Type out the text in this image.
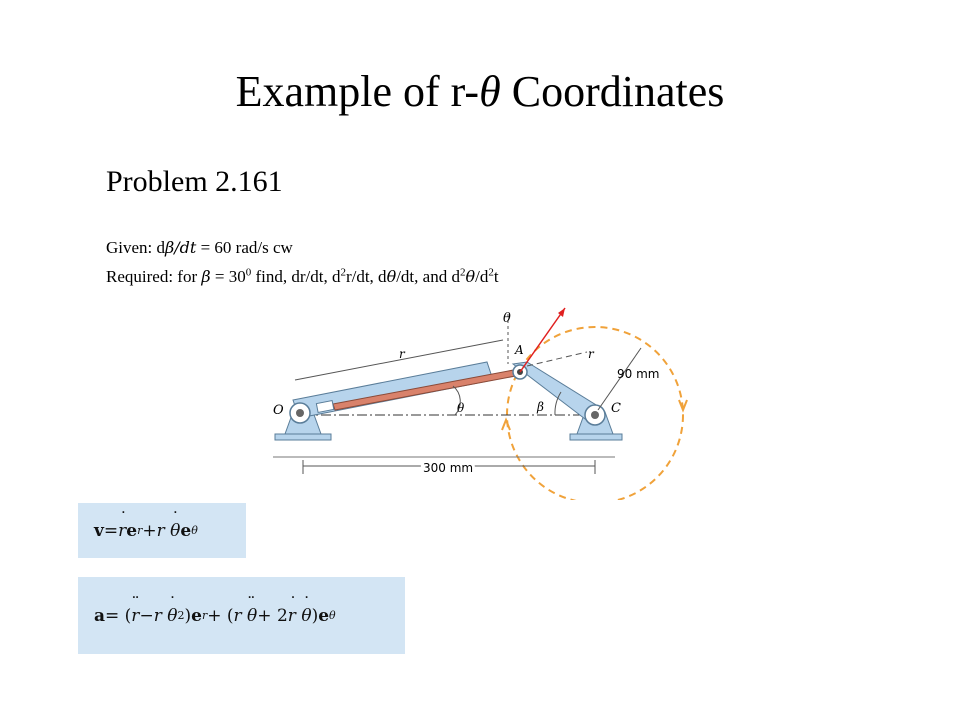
Example of r-θ Coordinates
Problem 2.161
Given: dβ/dt = 60 rad/s cw
Required: for $\beta = 30^0$ find, dr/dt, $d^2r/dt$, dθ/dt, and $d^2\theta/d^2t$
θ
A
r	r
90 mm
O	C
θ	β
300 mm
v = ˙ r e r + r
˙ θ e θ
a = ( ¨ r − r
˙ θ 2 ) e r + ( r
¨ θ + 2 ˙ r
˙ θ ) e θ
